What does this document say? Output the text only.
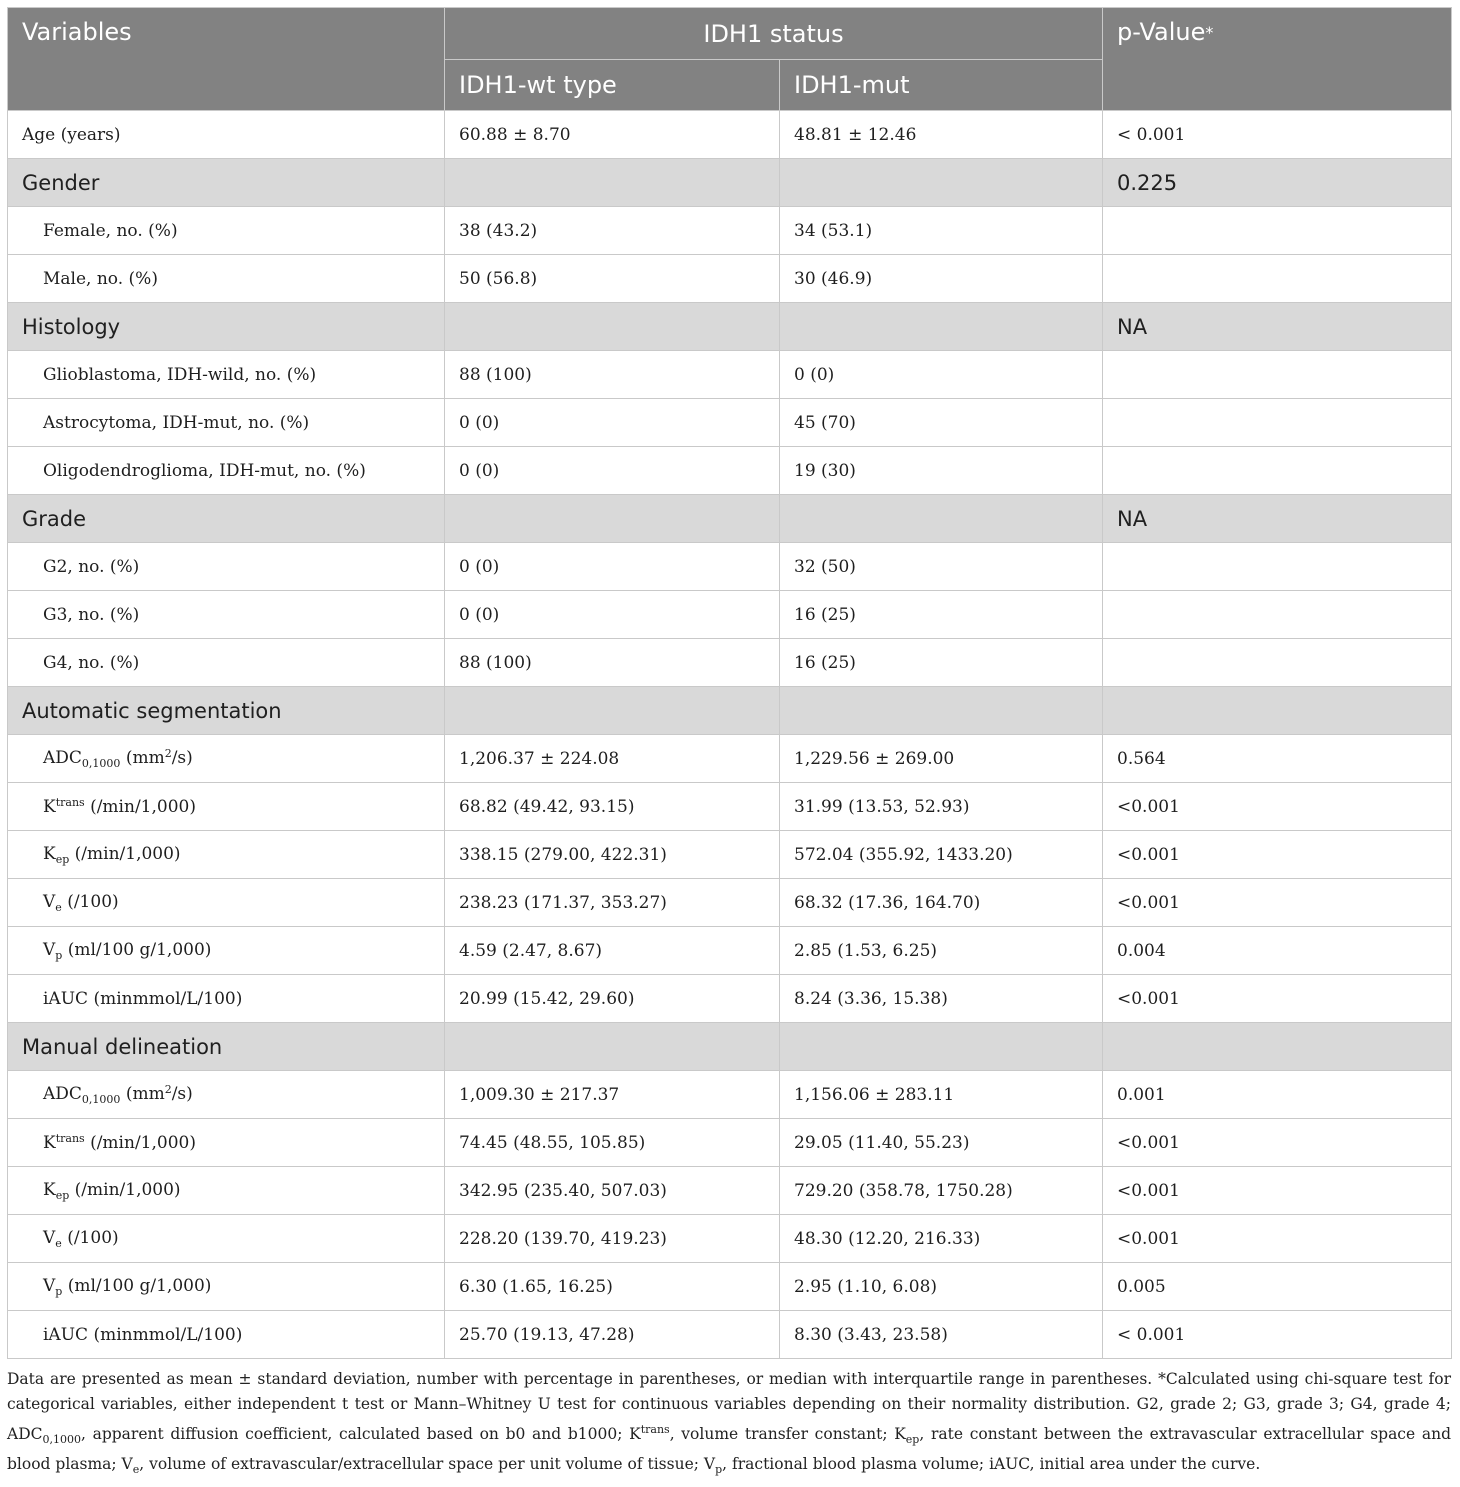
Variables	IDH1 status		p-Value*
	IDH1-wt type	IDH1-mut	
Age (years)	60.88 ± 8.70	48.81 ± 12.46	< 0.001
Gender			0.225
Female, no. (%)	38 (43.2)	34 (53.1)	
Male, no. (%)	50 (56.8)	30 (46.9)	
Histology			NA
Glioblastoma, IDH-wild, no. (%)	88 (100)	0 (0)	
Astrocytoma, IDH-mut, no. (%)	0 (0)	45 (70)	
Oligodendroglioma, IDH-mut, no. (%)	0 (0)	19 (30)	
Grade			NA
G2, no. (%)	0 (0)	32 (50)	
G3, no. (%)	0 (0)	16 (25)	
G4, no. (%)	88 (100)	16 (25)	
Automatic segmentation			
$ADC_{0,1000}$ $(mm^2/s)$	1,206.37 ± 224.08	1,229.56 ± 269.00	0.564
$K^{trans}$ (/min/1,000)	68.82 (49.42, 93.15)	31.99 (13.53, 52.93)	<0.001
$K_{ep}$ (/min/1,000)	338.15 (279.00, 422.31)	572.04 (355.92, 1433.20)	<0.001
$V_e$ (/100)	238.23 (171.37, 353.27)	68.32 (17.36, 164.70)	<0.001
$V_p$ (ml/100 g/1,000)	4.59 (2.47, 8.67)	2.85 (1.53, 6.25)	0.004
iAUC (minmmol/L/100)	20.99 (15.42, 29.60)	8.24 (3.36, 15.38)	<0.001
Manual delineation			
$ADC_{0,1000}$ $(mm^2/s)$	1,009.30 ± 217.37	1,156.06 ± 283.11	0.001
$K^{trans}$ (/min/1,000)	74.45 (48.55, 105.85)	29.05 (11.40, 55.23)	<0.001
$K_{ep}$ (/min/1,000)	342.95 (235.40, 507.03)	729.20 (358.78, 1750.28)	<0.001
$V_e$ (/100)	228.20 (139.70, 419.23)	48.30 (12.20, 216.33)	<0.001
$V_p$ (ml/100 g/1,000)	6.30 (1.65, 16.25)	2.95 (1.10, 6.08)	0.005
iAUC (minmmol/L/100)	25.70 (19.13, 47.28)	8.30 (3.43, 23.58)	< 0.001
Data are presented as mean ± standard deviation, number with percentage in parentheses, or median with interquartile range in parentheses. *Calculated using chi-square test for categorical variables, either independent t test or Mann–Whitney U test for continuous variables depending on their normality distribution. G2, grade 2; G3, grade 3; G4, grade 4; $ADC_{0,1000}$, apparent diffusion coefficient, calculated based on b0 and b1000; $K^{trans}$, volume transfer constant; $K_{ep}$, rate constant between the extravascular extracellular space and blood plasma; $V_e$, volume of extravascular/extracellular space per unit volume of tissue; $V_p$, fractional blood plasma volume; iAUC, initial area under the curve.
